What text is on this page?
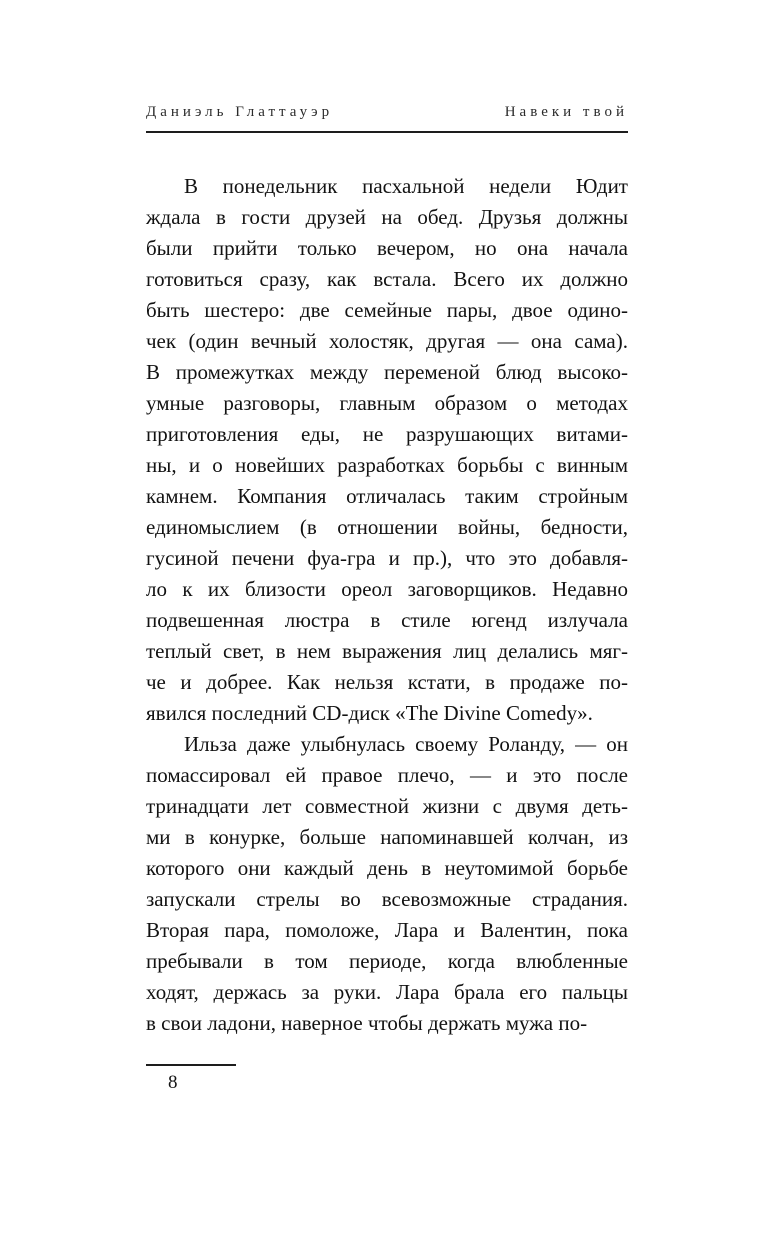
Даниэль Глаттауэр	Навеки твой

В понедельник пасхальной недели Юдит
ждала в гости друзей на обед. Друзья должны
были прийти только вечером, но она начала
готовиться сразу, как встала. Всего их должно
быть шестеро: две семейные пары, двое одино-
чек (один вечный холостяк, другая — она сама).
В промежутках между переменой блюд высоко-
умные разговоры, главным образом о методах
приготовления еды, не разрушающих витами-
ны, и о новейших разработках борьбы с винным
камнем. Компания отличалась таким стройным
единомыслием (в отношении войны, бедности,
гусиной печени фуа-гра и пр.), что это добавля-
ло к их близости ореол заговорщиков. Недавно
подвешенная люстра в стиле югенд излучала
теплый свет, в нем выражения лиц делались мяг-
че и добрее. Как нельзя кстати, в продаже по-
явился последний CD-диск «The Divine Comedy».

Ильза даже улыбнулась своему Роланду, — он
помассировал ей правое плечо, — и это после
тринадцати лет совместной жизни с двумя деть-
ми в конурке, больше напоминавшей колчан, из
которого они каждый день в неутомимой борьбе
запускали стрелы во всевозможные страдания.
Вторая пара, помоложе, Лара и Валентин, пока
пребывали в том периоде, когда влюбленные
ходят, держась за руки. Лара брала его пальцы
в свои ладони, наверное чтобы держать мужа по-

8
